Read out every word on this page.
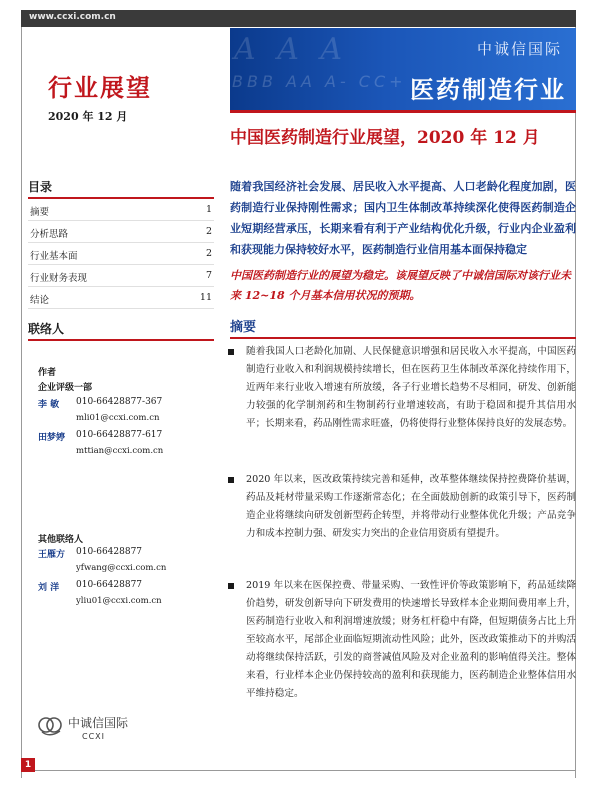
www.ccxi.com.cn
A A A
BBB AA A- CC+
中诚信国际
医药制造行业
行业展望
2020 年 12 月
中国医药制造行业展望，2020 年 12 月
目录
摘要	1
分析思路	2
行业基本面	2
行业财务表现	7
结论	11
联络人
作者
企业评级一部
李 敏 010-66428877-367
mli01@ccxi.com.cn
田梦婷 010-66428877-617
mttian@ccxi.com.cn
其他联络人
王雁方 010-66428877
yfwang@ccxi.com.cn
刘 洋 010-66428877
yliu01@ccxi.com.cn
随着我国经济社会发展、居民收入水平提高、人口老龄化程度加剧，医药制造行业保持刚性需求；国内卫生体制改革持续深化使得医药制造企业短期经营承压，长期来看有利于产业结构优化升级，行业内企业盈利和获现能力保持较好水平，医药制造行业信用基本面保持稳定
中国医药制造行业的展望为稳定。该展望反映了中诚信国际对该行业未来 12~18 个月基本信用状况的预期。
摘要
随着我国人口老龄化加剧、人民保健意识增强和居民收入水平提高，中国医药制造行业收入和利润规模持续增长，但在医药卫生体制改革深化持续作用下，近两年来行业收入增速有所放缓，各子行业增长趋势不尽相同，研发、创新能力较强的化学制剂药和生物制药行业增速较高，有助于稳固和提升其信用水平；长期来看，药品刚性需求旺盛，仍将使得行业整体保持良好的发展态势。
2020 年以来，医改政策持续完善和延伸，改革整体继续保持控费降价基调，药品及耗材带量采购工作逐渐常态化；在全面鼓励创新的政策引导下，医药制造企业将继续向研发创新型药企转型，并将带动行业整体优化升级；产品竞争力和成本控制力强、研发实力突出的企业信用资质有望提升。
2019 年以来在医保控费、带量采购、一致性评价等政策影响下，药品延续降价趋势，研发创新导向下研发费用的快速增长导致样本企业期间费用率上升，医药制造行业收入和利润增速放缓；财务杠杆稳中有降，但短期债务占比上升至较高水平，尾部企业面临短期流动性风险；此外，医改政策推动下的并购活动将继续保持活跃，引发的商誉减值风险及对企业盈利的影响值得关注。整体来看，行业样本企业仍保持较高的盈利和获现能力，医药制造企业整体信用水平维持稳定。
中诚信国际
CCXI
1
